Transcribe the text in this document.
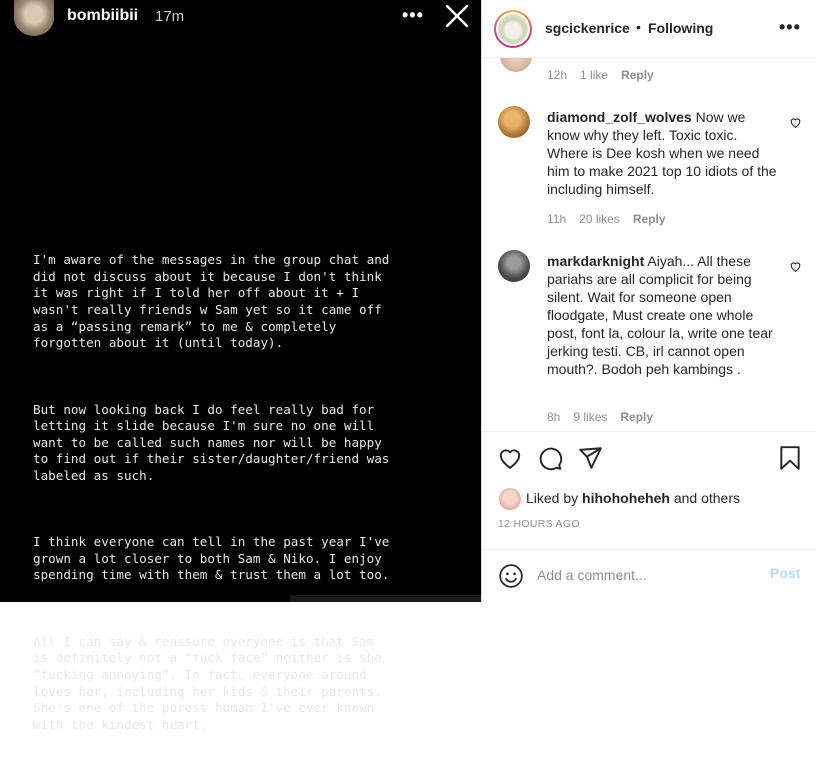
bombiibii 17m	•••

I'm aware of the messages in the group chat and
did not discuss about it because I don't think
it was right if I told her off about it + I
wasn't really friends w Sam yet so it came off
as a “passing remark” to me & completely
forgotten about it (until today).

But now looking back I do feel really bad for
letting it slide because I'm sure no one will
want to be called such names nor will be happy
to find out if their sister/daughter/friend was
labeled as such.

I think everyone can tell in the past year I've
grown a lot closer to both Sam & Niko. I enjoy
spending time with them & trust them a lot too.

All I can say & reassure everyone is that Sam
is definitely not a “fuck face” neither is she
“fucking annoying”. In fact, everyone around
loves her, including her kids & their parents.
She's one of the purest human I've ever known
with the kindest heart.

sgcickenrice • Following	•••
12h 1 like Reply
diamond_zolf_wolves Now we know why they left. Toxic toxic. Where is Dee kosh when we need him to make 2021 top 10 idiots of the including himself.
11h 20 likes Reply
markdarknight Aiyah... All these pariahs are all complicit for being silent. Wait for someone open floodgate, Must create one whole post, font la, colour la, write one tear jerking testi. CB, irl cannot open mouth?. Bodoh peh kambings .
8h 9 likes Reply
Liked by hihohoheheh and others
12 HOURS AGO
Add a comment...
Post
